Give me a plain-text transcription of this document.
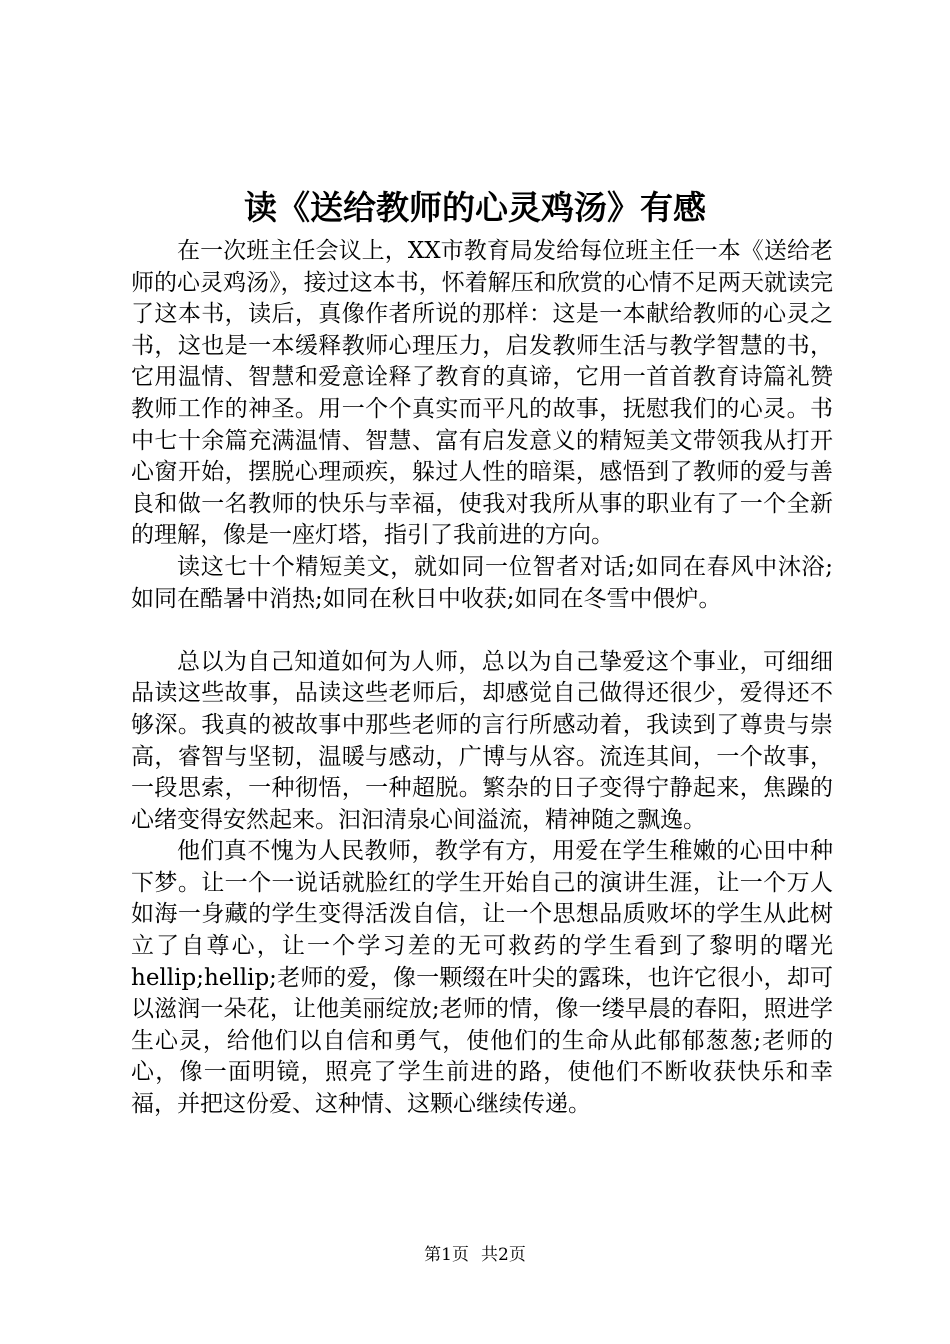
读《送给教师的心灵鸡汤》有感

在一次班主任会议上，XX市教育局发给每位班主任一本《送给老师的心灵鸡汤》，接过这本书，怀着解压和欣赏的心情不足两天就读完了这本书，读后，真像作者所说的那样：这是一本献给教师的心灵之书，这也是一本缓释教师心理压力，启发教师生活与教学智慧的书，它用温情、智慧和爱意诠释了教育的真谛，它用一首首教育诗篇礼赞教师工作的神圣。用一个个真实而平凡的故事，抚慰我们的心灵。书中七十余篇充满温情、智慧、富有启发意义的精短美文带领我从打开心窗开始，摆脱心理顽疾，躲过人性的暗渠，感悟到了教师的爱与善良和做一名教师的快乐与幸福，使我对我所从事的职业有了一个全新的理解，像是一座灯塔，指引了我前进的方向。

读这七十个精短美文，就如同一位智者对话;如同在春风中沐浴;如同在酷暑中消热;如同在秋日中收获;如同在冬雪中偎炉。

总以为自己知道如何为人师，总以为自己挚爱这个事业，可细细品读这些故事，品读这些老师后，却感觉自己做得还很少，爱得还不够深。我真的被故事中那些老师的言行所感动着，我读到了尊贵与崇高，睿智与坚韧，温暖与感动，广博与从容。流连其间，一个故事，一段思索，一种彻悟，一种超脱。繁杂的日子变得宁静起来，焦躁的心绪变得安然起来。汩汩清泉心间溢流，精神随之飘逸。

他们真不愧为人民教师，教学有方，用爱在学生稚嫩的心田中种下梦。让一个一说话就脸红的学生开始自己的演讲生涯，让一个万人如海一身藏的学生变得活泼自信，让一个思想品质败坏的学生从此树立了自尊心，让一个学习差的无可救药的学生看到了黎明的曙光hellip;hellip;老师的爱，像一颗缀在叶尖的露珠，也许它很小，却可以滋润一朵花，让他美丽绽放;老师的情，像一缕早晨的春阳，照进学生心灵，给他们以自信和勇气，使他们的生命从此郁郁葱葱;老师的心，像一面明镜，照亮了学生前进的路，使他们不断收获快乐和幸福，并把这份爱、这种情、这颗心继续传递。

第1页 共2页
